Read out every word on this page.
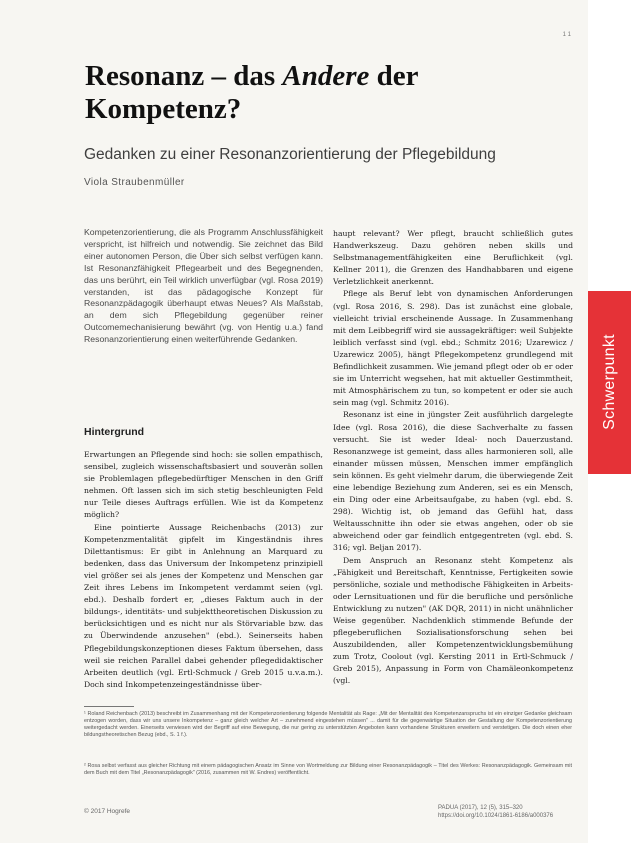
1 1
Schwerpunkt
Resonanz – das Andere der Kompetenz?
Gedanken zu einer Resonanzorientierung der Pflegebildung
Viola Straubenmüller

Kompetenzorientierung, die als Programm Anschlussfähigkeit verspricht, ist hilfreich und notwendig. Sie zeichnet das Bild einer autonomen Person, die Über sich selbst verfügen kann. Ist Resonanzfähigkeit Pflegearbeit und des Begegnenden, das uns berührt, ein Teil wirklich unverfügbar (vgl. Rosa 2019) verstanden, ist das pädagogische Konzept für Resonanzpädagogik überhaupt etwas Neues? Als Maßstab, an dem sich Pflegebildung gegenüber reiner Outcomemechanisierung bewährt (vg. von Hentig u.a.) fand Resonanzorientierung einen weiterführende Gedanken.

Hintergrund

Erwartungen an Pflegende sind hoch: sie sollen empathisch, sensibel, zugleich wissenschaftsbasiert und souverän sollen sie Problemlagen pflegebedürftiger Menschen in den Griff nehmen. Oft lassen sich im sich stetig beschleunigten Feld nur Teile dieses Auftrags erfüllen. Wie ist da Kompetenz möglich?

Eine pointierte Aussage Reichenbachs (2013) zur Kompetenzmentalität gipfelt im Kingeständnis ihres Dilettantismus: Er gibt in Anlehnung an Marquard zu bedenken, dass das Universum der Inkompetenz prinzipiell viel größer sei als jenes der Kompetenz und Menschen gar Zeit ihres Lebens im Inkompetent verdammt seien (vgl. ebd.). Deshalb fordert er, „dieses Faktum auch in der bildungs-, identitäts- und subjekttheoretischen Diskussion zu berücksichtigen und es nicht nur als Störvariable bzw. das zu Überwindende anzusehen" (ebd.). Seinerseits haben Pflegebildungskonzeptionen dieses Faktum übersehen, dass weil sie reichen Parallel dabei gehender pflegedidaktischer Arbeiten deutlich (vgl. Ertl-Schmuck / Greb 2015 u.v.a.m.). Doch sind Inkompetenzeingeständnisse über-

haupt relevant? Wer pflegt, braucht schließlich gutes Handwerkszeug. Dazu gehören neben skills und Selbstmanagementfähigkeiten eine Beruflichkeit (vgl. Kellner 2011), die Grenzen des Handhabbaren und eigene Verletzlichkeit anerkennt.

Pflege als Beruf lebt von dynamischen Anforderungen (vgl. Rosa 2016, S. 298). Das ist zunächst eine globale, vielleicht trivial erscheinende Aussage. In Zusammenhang mit dem Leibbegriff wird sie aussagekräftiger: weil Subjekte leiblich verfasst sind (vgl. ebd.; Schmitz 2016; Uzarewicz / Uzarewicz 2005), hängt Pflegekompetenz grundlegend mit Befindlichkeit zusammen. Wie jemand pflegt oder ob er oder sie im Unterricht wegsehen, hat mit aktueller Gestimmtheit, mit Atmosphärischem zu tun, so kompetent er oder sie auch sein mag (vgl. Schmitz 2016).

Resonanz ist eine in jüngster Zeit ausführlich dargelegte Idee (vgl. Rosa 2016), die diese Sachverhalte zu fassen versucht. Sie ist weder Ideal- noch Dauerzustand. Resonanzwege ist gemeint, dass alles harmonieren soll, alle einander müssen müssen, Menschen immer empfänglich sein können. Es geht vielmehr darum, die überwiegende Zeit eine lebendige Beziehung zum Anderen, sei es ein Mensch, ein Ding oder eine Arbeitsaufgabe, zu haben (vgl. ebd. S. 298). Wichtig ist, ob jemand das Gefühl hat, dass Weltausschnitte ihn oder sie etwas angehen, oder ob sie abweichend oder gar feindlich entgegentreten (vgl. ebd. S. 316; vgl. Beljan 2017).

Dem Anspruch an Resonanz steht Kompetenz als „Fähigkeit und Bereitschaft, Kenntnisse, Fertigkeiten sowie persönliche, soziale und methodische Fähigkeiten in Arbeits- oder Lernsituationen und für die berufliche und persönliche Entwicklung zu nutzen" (AK DQR, 2011) in nicht unähnlicher Weise gegenüber. Nachdenklich stimmende Befunde der pflegeberuflichen Sozialisationsforschung sehen bei Auszubildenden, aller Kompetenzentwicklungsbemühung zum Trotz, Coolout (vgl. Kersting 2011 in Ertl-Schmuck / Greb 2015), Anpassung in Form von Chamäleonkompetenz (vgl.

¹ Roland Reichenbach (2013) beschreibt im Zusammenhang mit der Kompetenzorientierung folgende Mentalität als Rage: „Mit der Mentalität des Kompetenzanspruchs ist ein einziger Gedanke gleichsam entzogen worden, dass wir uns unsere Inkompetenz – ganz gleich welcher Art – zunehmend eingestehen müssen" ... damit für die gegenwärtige Situation der Gestaltung der Kompetenzorientierung weitergedacht werden. Einerseits verwiesen wird der Begriff auf eine Bewegung, die nur gering zu unterstützten Angeboten kann vorhandene Strukturen erweitern und verstetigen. Die doch einen eher bildungstheoretischen Bezug (ebd., S. 1 f.).
² Rosa selbst verfasst aus gleicher Richtung mit einem pädagogischen Ansatz im Sinne von Wortmeldung zur Bildung einer Resonanzpädagogik – Titel des Werkes: Resonanzpädagogik. Gemeinsam mit dem Buch mit dem Titel „Resonanzpädagogik" (2016, zusammen mit W. Endres) veröffentlicht.
© 2017 Hogrefe	PADUA (2017), 12 (5), 315–320
https://doi.org/10.1024/1861-6186/a000376
